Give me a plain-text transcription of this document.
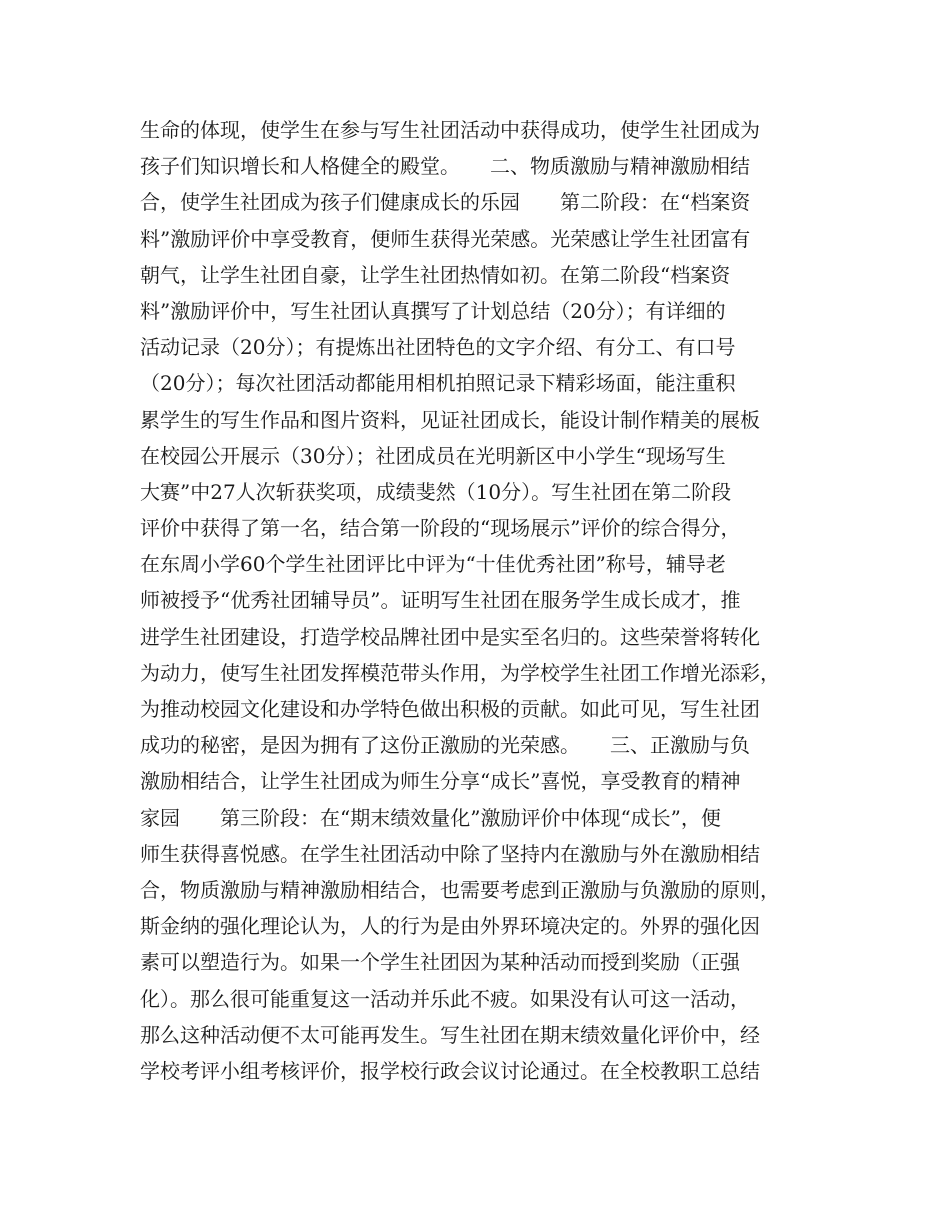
生命的体现，使学生在参与写生社团活动中获得成功，使学生社团成为
孩子们知识增长和人格健全的殿堂。　　二、物质激励与精神激励相结
合，使学生社团成为孩子们健康成长的乐园　　第二阶段：在“档案资
料”激励评价中享受教育，便师生获得光荣感。光荣感让学生社团富有
朝气，让学生社团自豪，让学生社团热情如初。在第二阶段“档案资
料”激励评价中，写生社团认真撰写了计划总结（20分）；有详细的
活动记录（20分）；有提炼出社团特色的文字介绍、有分工、有口号
（20分）；每次社团活动都能用相机拍照记录下精彩场面，能注重积
累学生的写生作品和图片资料，见证社团成长，能设计制作精美的展板
在校园公开展示（30分）；社团成员在光明新区中小学生“现场写生
大赛”中27人次斩获奖项，成绩斐然（10分）。写生社团在第二阶段
评价中获得了第一名，结合第一阶段的“现场展示”评价的综合得分，
在东周小学60个学生社团评比中评为“十佳优秀社团”称号，辅导老
师被授予“优秀社团辅导员”。证明写生社团在服务学生成长成才，推
进学生社团建设，打造学校品牌社团中是实至名归的。这些荣誉将转化
为动力，使写生社团发挥模范带头作用，为学校学生社团工作增光添彩，
为推动校园文化建设和办学特色做出积极的贡献。如此可见，写生社团
成功的秘密，是因为拥有了这份正激励的光荣感。　　三、正激励与负
激励相结合，让学生社团成为师生分享“成长”喜悦，享受教育的精神
家园　　第三阶段：在“期末绩效量化”激励评价中体现“成长”，便
师生获得喜悦感。在学生社团活动中除了坚持内在激励与外在激励相结
合，物质激励与精神激励相结合，也需要考虑到正激励与负激励的原则，
斯金纳的强化理论认为，人的行为是由外界环境决定的。外界的强化因
素可以塑造行为。如果一个学生社团因为某种活动而授到奖励（正强
化）。那么很可能重复这一活动并乐此不疲。如果没有认可这一活动，
那么这种活动便不太可能再发生。写生社团在期末绩效量化评价中，经
学校考评小组考核评价，报学校行政会议讨论通过。在全校教职工总结
